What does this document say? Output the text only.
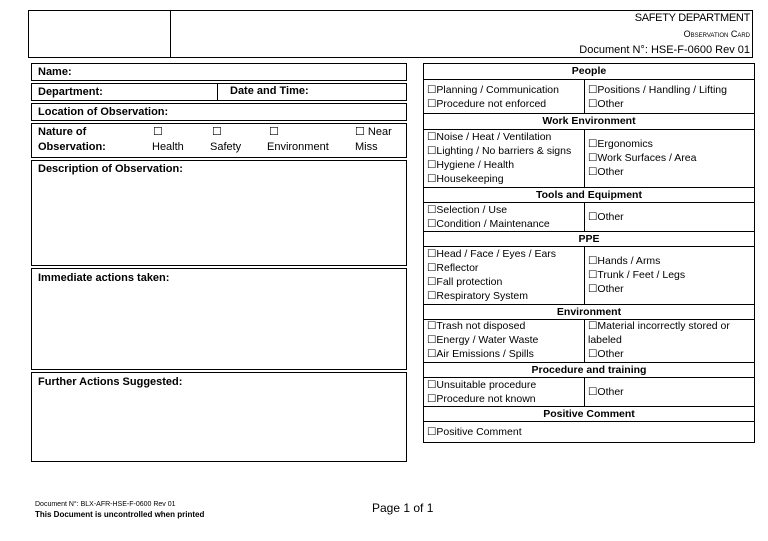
SAFETY DEPARTMENT
Observation Card
Document N°: HSE-F-0600 Rev 01
Name:
Department:	Date and Time:
Location of Observation:
Nature of
Observation:
☐
Health
☐
Safety
☐
Environment
☐ Near
Miss
Description of Observation:
Immediate actions taken:
Further Actions Suggested:
People
☐Planning / Communication
☐Procedure not enforced
☐Positions / Handling / Lifting
☐Other
Work Environment
☐Noise / Heat / Ventilation
☐Lighting / No barriers & signs
☐Hygiene / Health
☐Housekeeping
☐Ergonomics
☐Work Surfaces / Area
☐Other
Tools and Equipment
☐Selection / Use
☐Condition / Maintenance
☐Other
PPE
☐Head / Face / Eyes / Ears
☐Reflector
☐Fall protection
☐Respiratory System
☐Hands / Arms
☐Trunk / Feet / Legs
☐Other
Environment
☐Trash not disposed
☐Energy / Water Waste
☐Air Emissions / Spills
☐Material incorrectly stored or
labeled
☐Other
Procedure and training
☐Unsuitable procedure
☐Procedure not known
☐Other
Positive Comment
☐Positive Comment
Document N°: BLX-AFR-HSE-F-0600 Rev 01
This Document is uncontrolled when printed	Page 1 of 1
